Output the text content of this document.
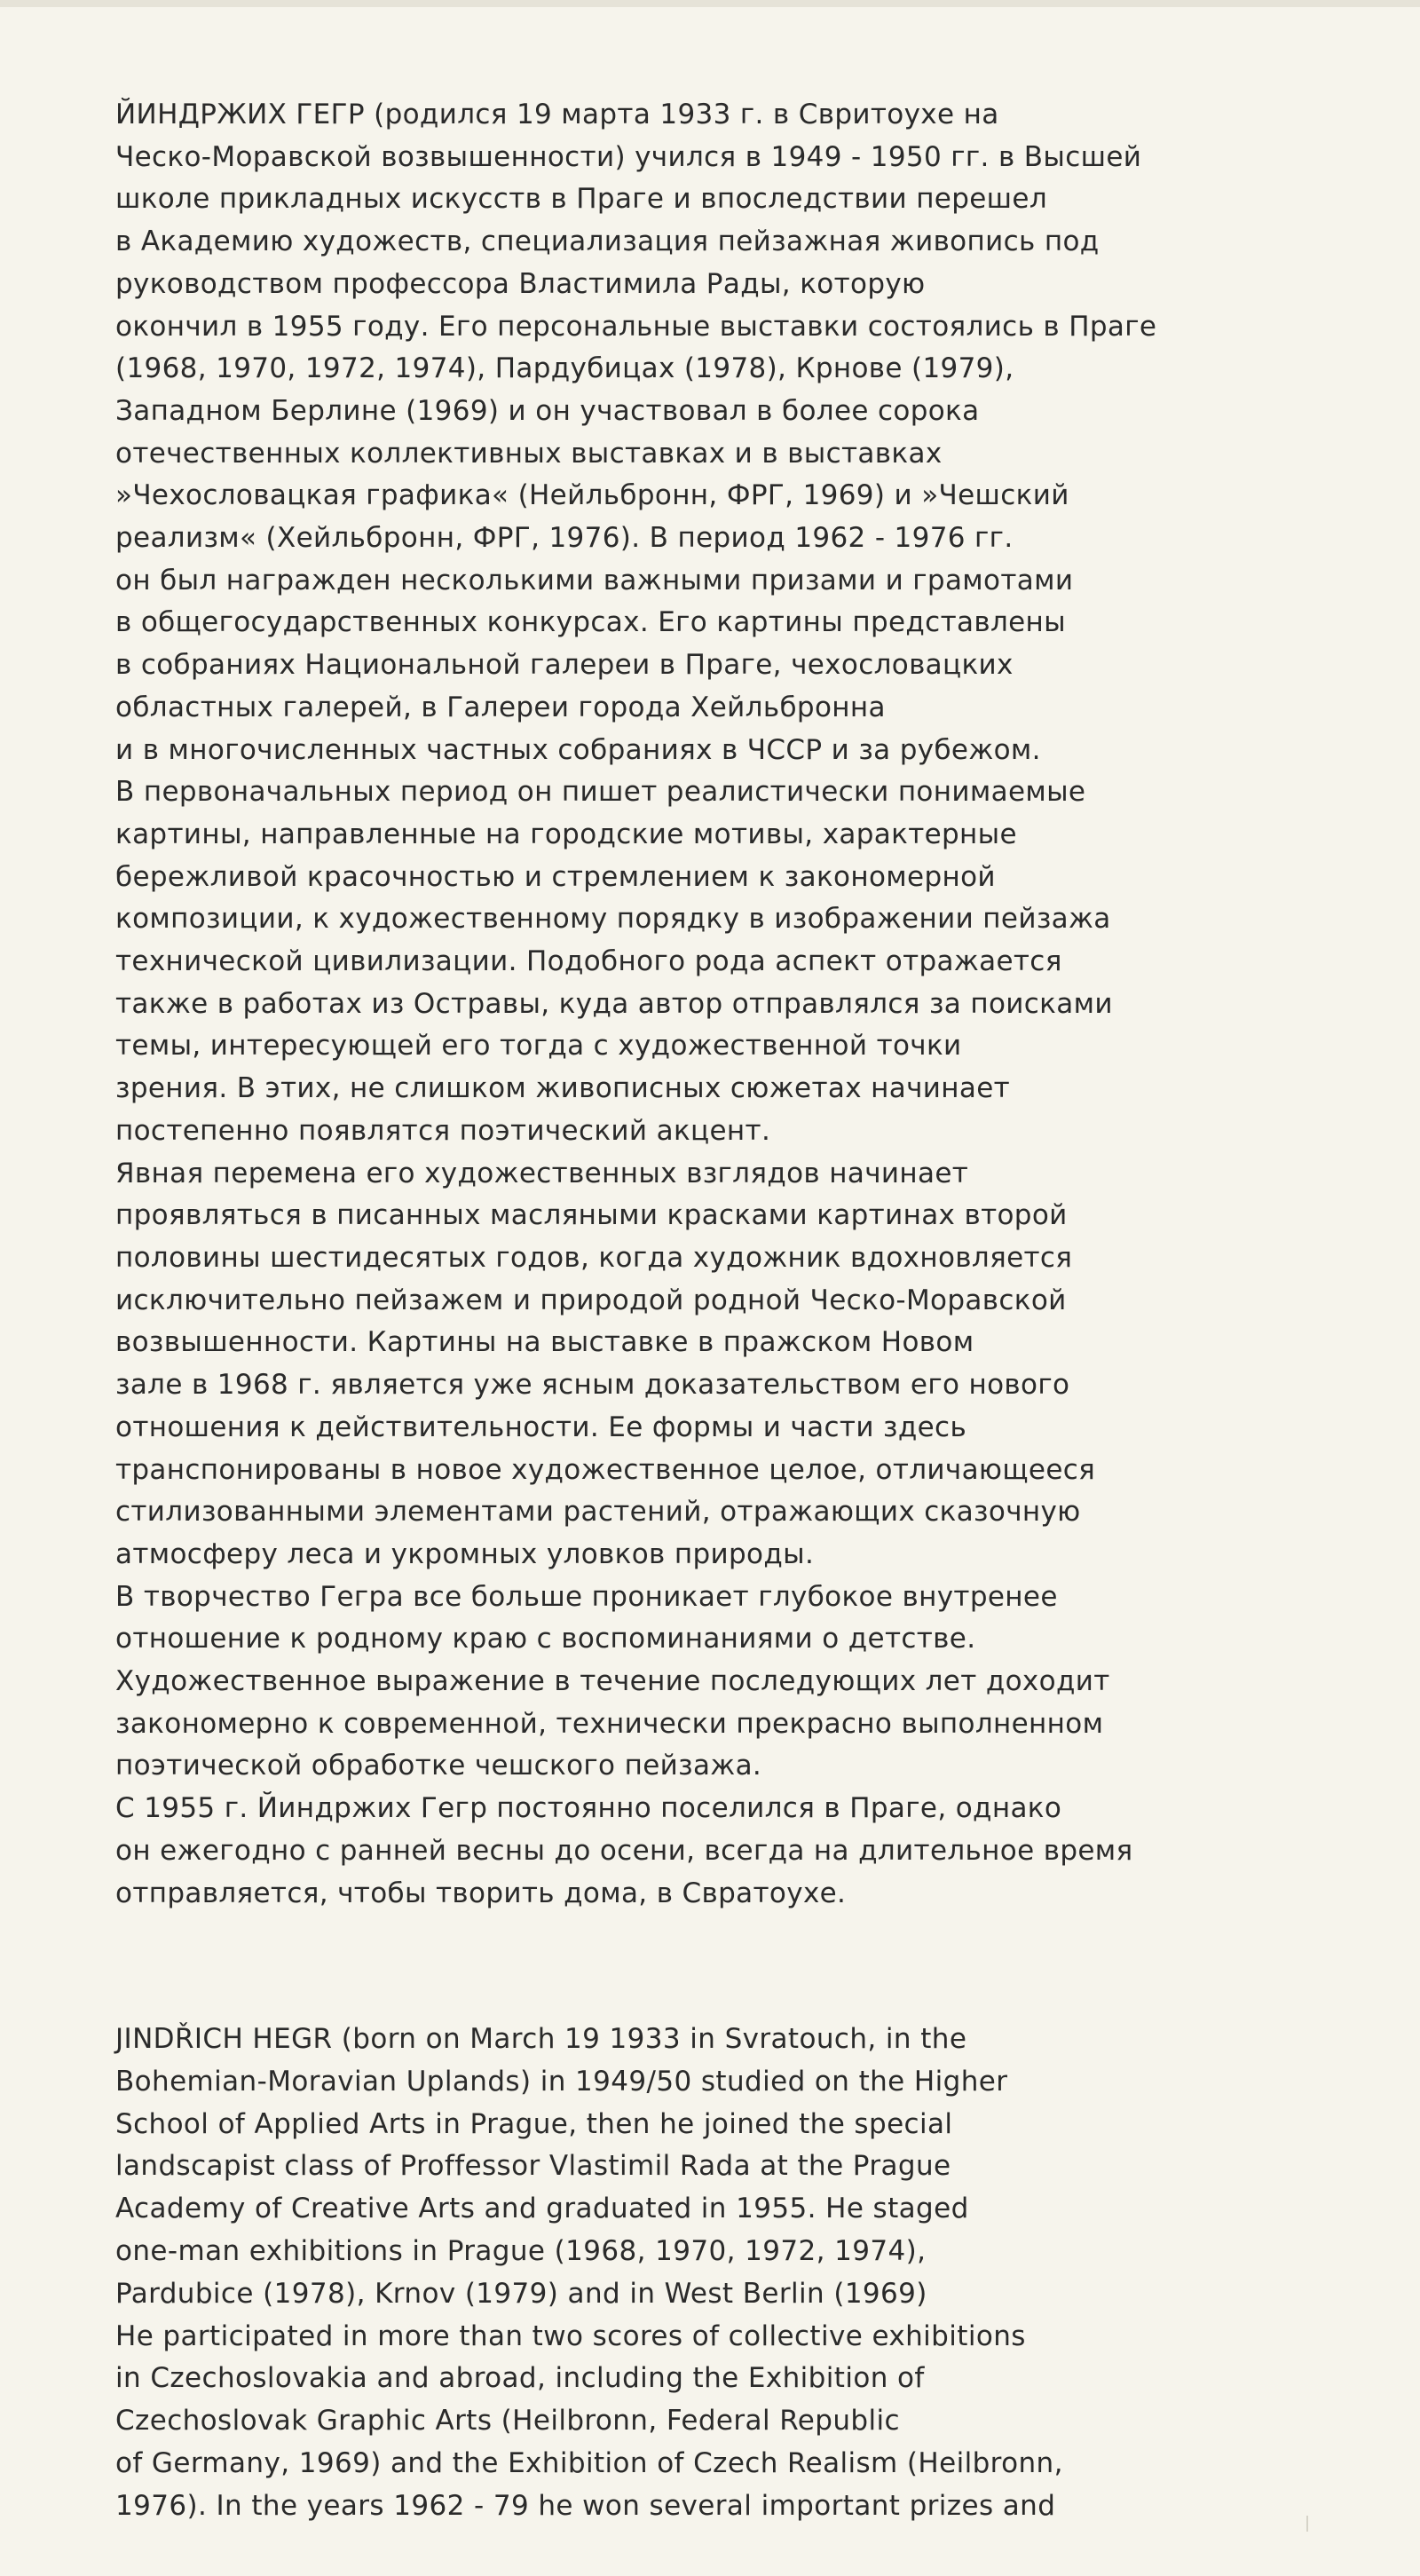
ЙИНДРЖИХ ГЕГР (родился 19 марта 1933 г. в Свритоухе на
Ческо-Моравской возвышенности) учился в 1949 - 1950 гг. в Высшей
школе прикладных искусств в Праге и впоследствии перешел
в Академию художеств, специализация пейзажная живопись под
руководством профессора Властимила Рады, которую
окончил в 1955 году. Его персональные выставки состоялись в Праге
(1968, 1970, 1972, 1974), Пардубицах (1978), Крнове (1979),
Западном Берлине (1969) и он участвовал в более сорока
отечественных коллективных выставках и в выставках
»Чехословацкая графика« (Нейльбронн, ФРГ, 1969) и »Чешский
реализм« (Хейльбронн, ФРГ, 1976). В период 1962 - 1976 гг.
он был награжден несколькими важными призами и грамотами
в общегосударственных конкурсах. Его картины представлены
в собраниях Национальной галереи в Праге, чехословацких
областных галерей, в Галереи города Хейльбронна
и в многочисленных частных собраниях в ЧССР и за рубежом.
В первоначальных период он пишет реалистически понимаемые
картины, направленные на городские мотивы, характерные
бережливой красочностью и стремлением к закономерной
композиции, к художественному порядку в изображении пейзажа
технической цивилизации. Подобного рода аспект отражается
также в работах из Остравы, куда автор отправлялся за поисками
темы, интересующей его тогда с художественной точки
зрения. В этих, не слишком живописных сюжетах начинает
постепенно появлятся поэтический акцент.
Явная перемена его художественных взглядов начинает
проявляться в писанных масляными красками картинах второй
половины шестидесятых годов, когда художник вдохновляется
исключительно пейзажем и природой родной Ческо-Моравской
возвышенности. Картины на выставке в пражском Новом
зале в 1968 г. является уже ясным доказательством его нового
отношения к действительности. Ее формы и части здесь
транспонированы в новое художественное целое, отличающееся
стилизованными элементами растений, отражающих сказочную
атмосферу леса и укромных уловков природы.
В творчество Гегра все больше проникает глубокое внутренее
отношение к родному краю с воспоминаниями о детстве.
Художественное выражение в течение последующих лет доходит
закономерно к современной, технически прекрасно выполненном
поэтической обработке чешского пейзажа.
С 1955 г. Йиндржих Гегр постоянно поселился в Праге, однако
он ежегодно с ранней весны до осени, всегда на длительное время
отправляется, чтобы творить дома, в Свратоухе.
JINDŘICH HEGR (born on March 19 1933 in Svratouch, in the
Bohemian-Moravian Uplands) in 1949/50 studied on the Higher
School of Applied Arts in Prague, then he joined the special
landscapist class of Proffessor Vlastimil Rada at the Prague
Academy of Creative Arts and graduated in 1955. He staged
one-man exhibitions in Prague (1968, 1970, 1972, 1974),
Pardubice (1978), Krnov (1979) and in West Berlin (1969)
He participated in more than two scores of collective exhibitions
in Czechoslovakia and abroad, including the Exhibition of
Czechoslovak Graphic Arts (Heilbronn, Federal Republic
of Germany, 1969) and the Exhibition of Czech Realism (Heilbronn,
1976). In the years 1962 - 79 he won several important prizes and
